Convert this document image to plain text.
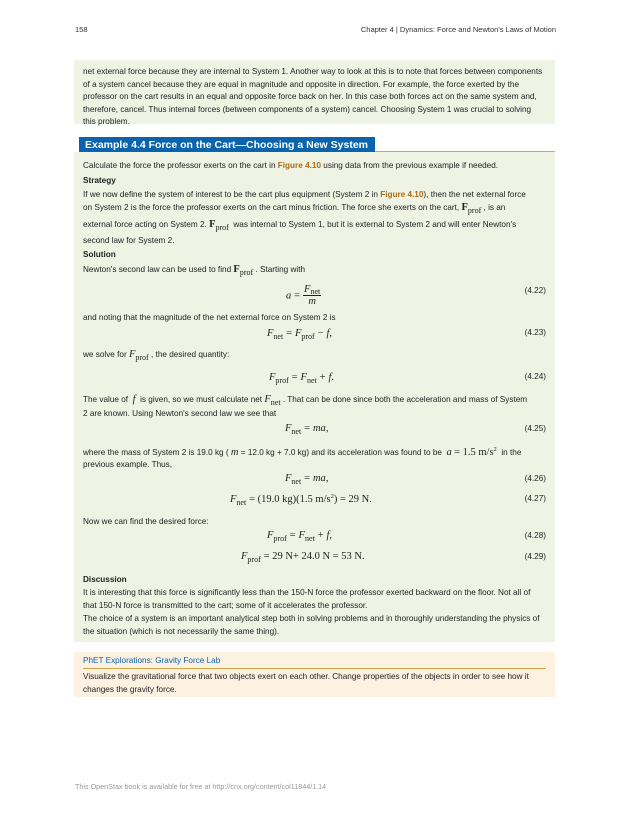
158	Chapter 4 | Dynamics: Force and Newton's Laws of Motion

net external force because they are internal to System 1. Another way to look at this is to note that forces between components of a system cancel because they are equal in magnitude and opposite in direction. For example, the force exerted by the professor on the cart results in an equal and opposite force back on her. In this case both forces act on the same system and, therefore, cancel. Thus internal forces (between components of a system) cancel. Choosing System 1 was crucial to solving this problem.

Example 4.4 Force on the Cart—Choosing a New System
Calculate the force the professor exerts on the cart in Figure 4.10 using data from the previous example if needed.
Strategy
If we now define the system of interest to be the cart plus equipment (System 2 in Figure 4.10), then the net external force
on System 2 is the force the professor exerts on the cart minus friction. The force she exerts on the cart, Fprof , is an
external force acting on System 2. Fprof was internal to System 1, but it is external to System 2 and will enter Newton's
second law for System 2.
Solution
Newton's second law can be used to find Fprof . Starting with
$a = \frac{\text{Fnet}}{m}$	(4.22)
and noting that the magnitude of the net external force on System 2 is
$F_{net} = F_{prof} - f$,	(4.23)
we solve for Fprof , the desired quantity:
$F_{prof} = F_{net} + f$.	(4.24)
The value of f is given, so we must calculate net Fnet . That can be done since both the acceleration and mass of System
2 are known. Using Newton's second law we see that
$F_{net}$ = ma,	(4.25)
where the mass of System 2 is 19.0 kg ( m = 12.0 kg + 7.0 kg) and its acceleration was found to be a = 1.5 $m/s^2$ in the
previous example. Thus,
$F_{net}$ = ma,	(4.26)
$F_{net} = (19.0$ kg)(1.5 $m/s^2) = 29$ N.	(4.27)
Now we can find the desired force:
$F_{prof} = F_{net} + f$,	(4.28)
$F_{prof} = 29$ N+ 24.0 N = 53 N.	(4.29)
Discussion

It is interesting that this force is significantly less than the 150-N force the professor exerted backward on the floor. Not all of that 150-N force is transmitted to the cart; some of it accelerates the professor.

The choice of a system is an important analytical step both in solving problems and in thoroughly understanding the physics of the situation (which is not necessarily the same thing).

PhET Explorations: Gravity Force Lab

Visualize the gravitational force that two objects exert on each other. Change properties of the objects in order to see how it changes the gravity force.

This OpenStax book is available for free at http://cnx.org/content/col11844/1.14
